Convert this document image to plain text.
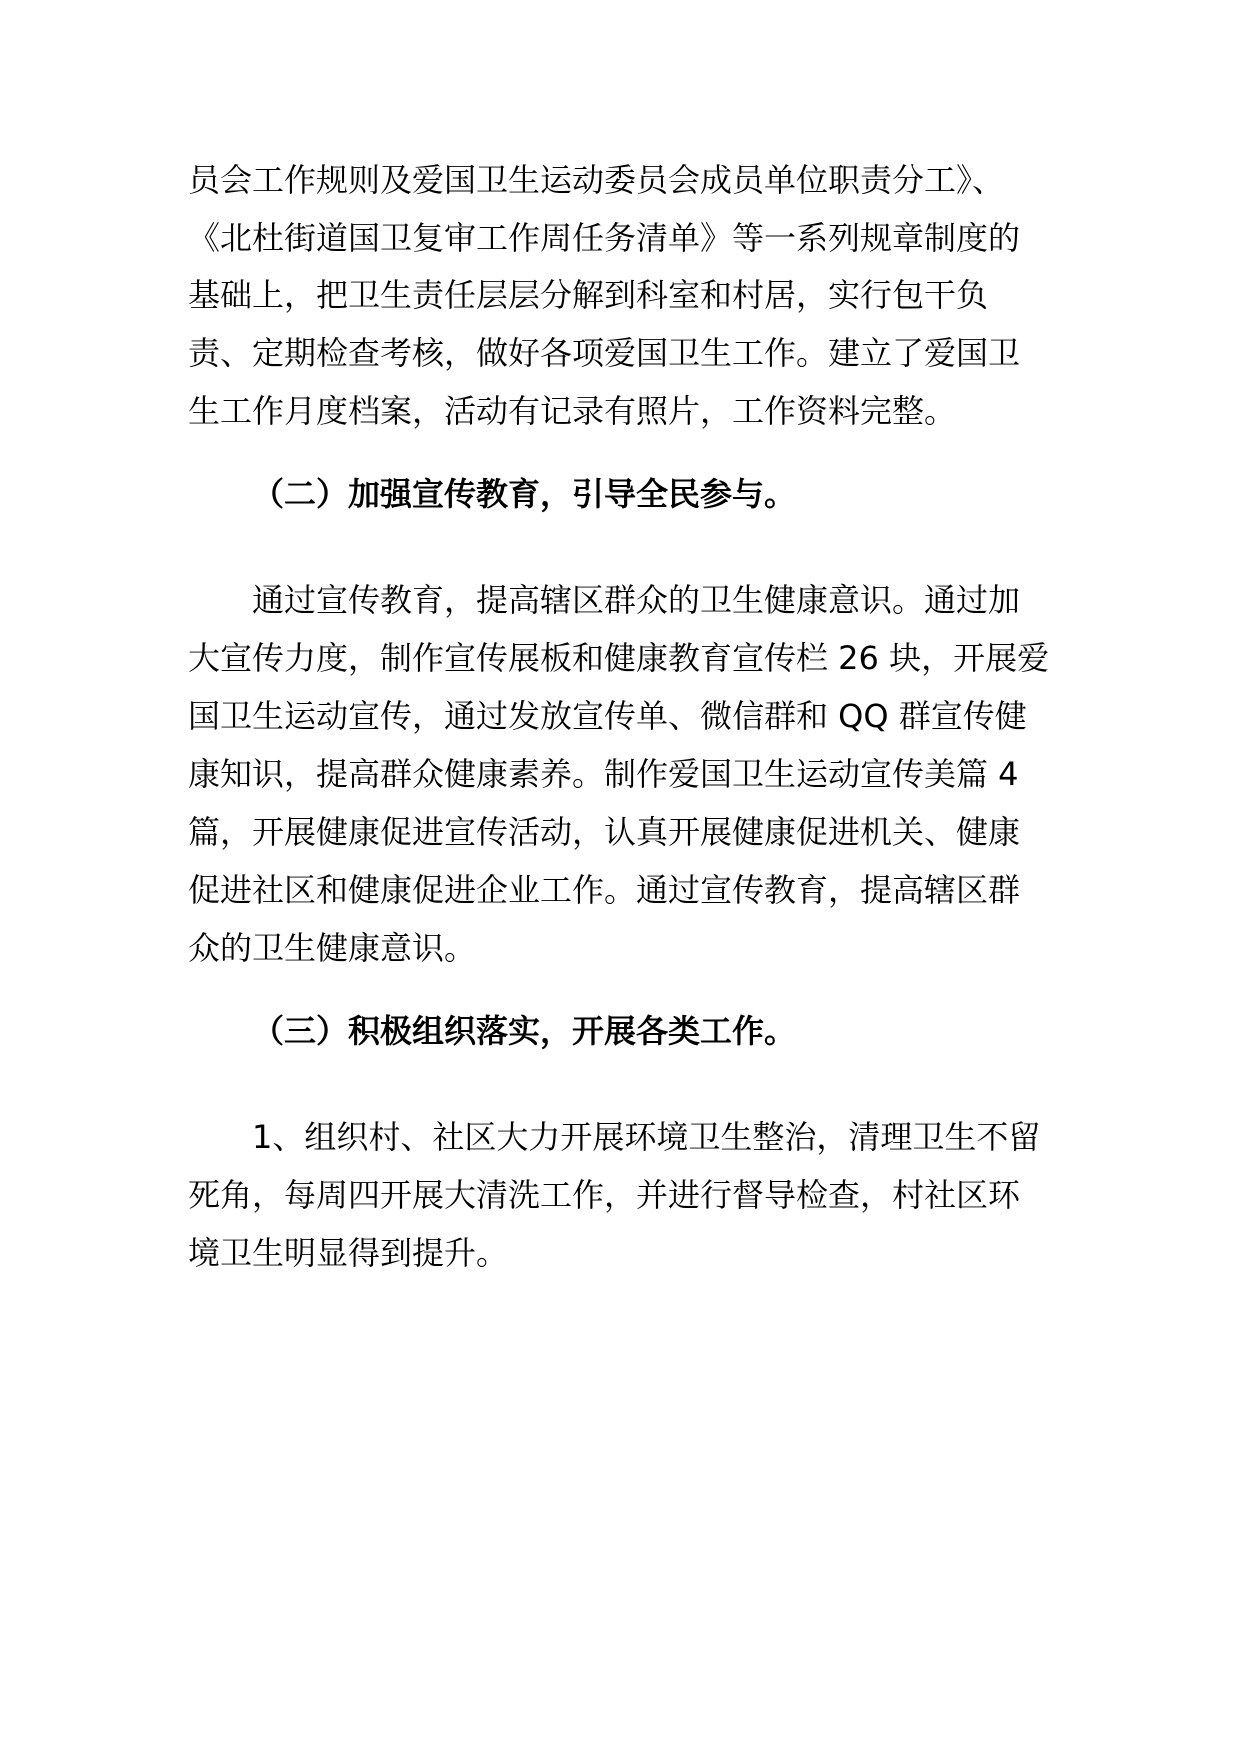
员会工作规则及爱国卫生运动委员会成员单位职责分工》、

《北杜街道国卫复审工作周任务清单》等一系列规章制度的

基础上，把卫生责任层层分解到科室和村居，实行包干负

责、定期检查考核，做好各项爱国卫生工作。建立了爱国卫

生工作月度档案，活动有记录有照片，工作资料完整。

（二）加强宣传教育，引导全民参与。

通过宣传教育，提高辖区群众的卫生健康意识。通过加

大宣传力度，制作宣传展板和健康教育宣传栏 26 块，开展爱

国卫生运动宣传，通过发放宣传单、微信群和 QQ 群宣传健

康知识，提高群众健康素养。制作爱国卫生运动宣传美篇 4

篇，开展健康促进宣传活动，认真开展健康促进机关、健康

促进社区和健康促进企业工作。通过宣传教育，提高辖区群

众的卫生健康意识。

（三）积极组织落实，开展各类工作。

1、组织村、社区大力开展环境卫生整治，清理卫生不留

死角，每周四开展大清洗工作，并进行督导检查，村社区环

境卫生明显得到提升。
